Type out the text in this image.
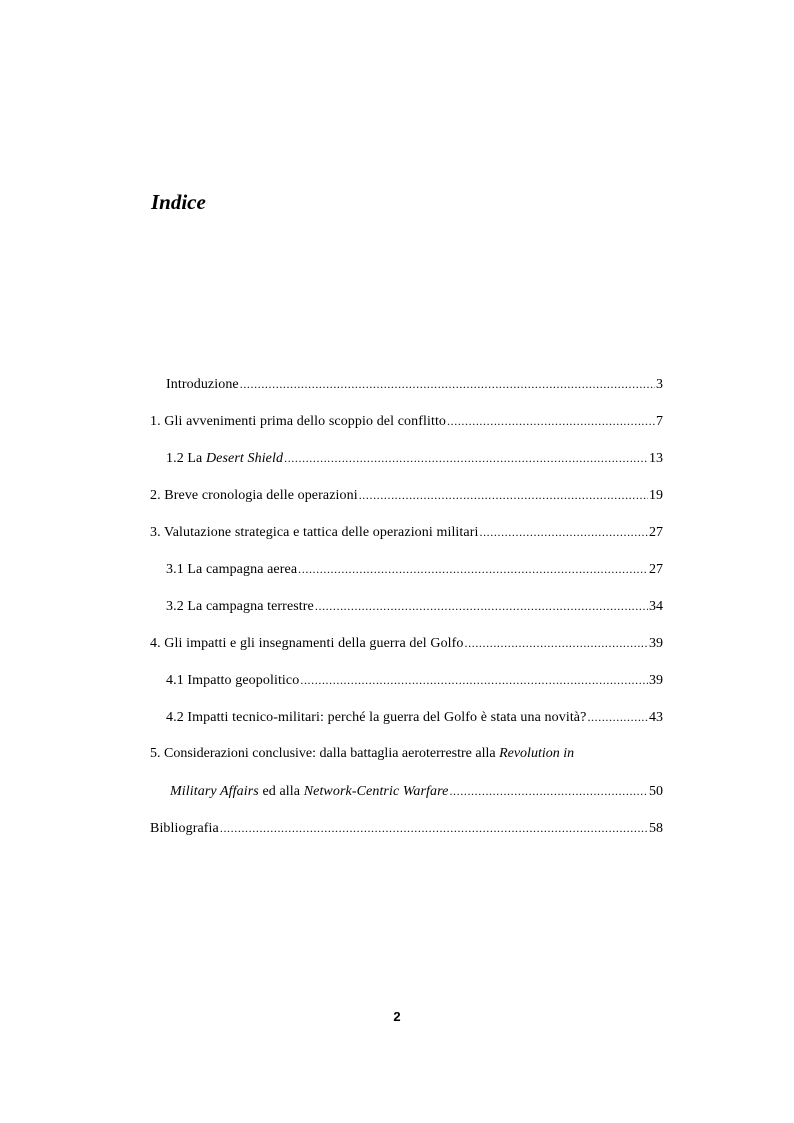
Indice
Introduzione .....	3
1. Gli avvenimenti prima dello scoppio del conflitto .....	7
1.2 La Desert Shield .....	13
2. Breve cronologia delle operazioni .....	19
3. Valutazione strategica e tattica delle operazioni militari .....	27
3.1 La campagna aerea .....	27
3.2 La campagna terrestre .....	34
4. Gli impatti e gli insegnamenti della guerra del Golfo .....	39
4.1 Impatto geopolitico .....	39
4.2 Impatti tecnico-militari: perché la guerra del Golfo è stata una novità? .....	43
5. Considerazioni conclusive: dalla battaglia aeroterrestre alla Revolution in
Military Affairs ed alla Network-Centric Warfare .....	50
Bibliografia .....	58
2
